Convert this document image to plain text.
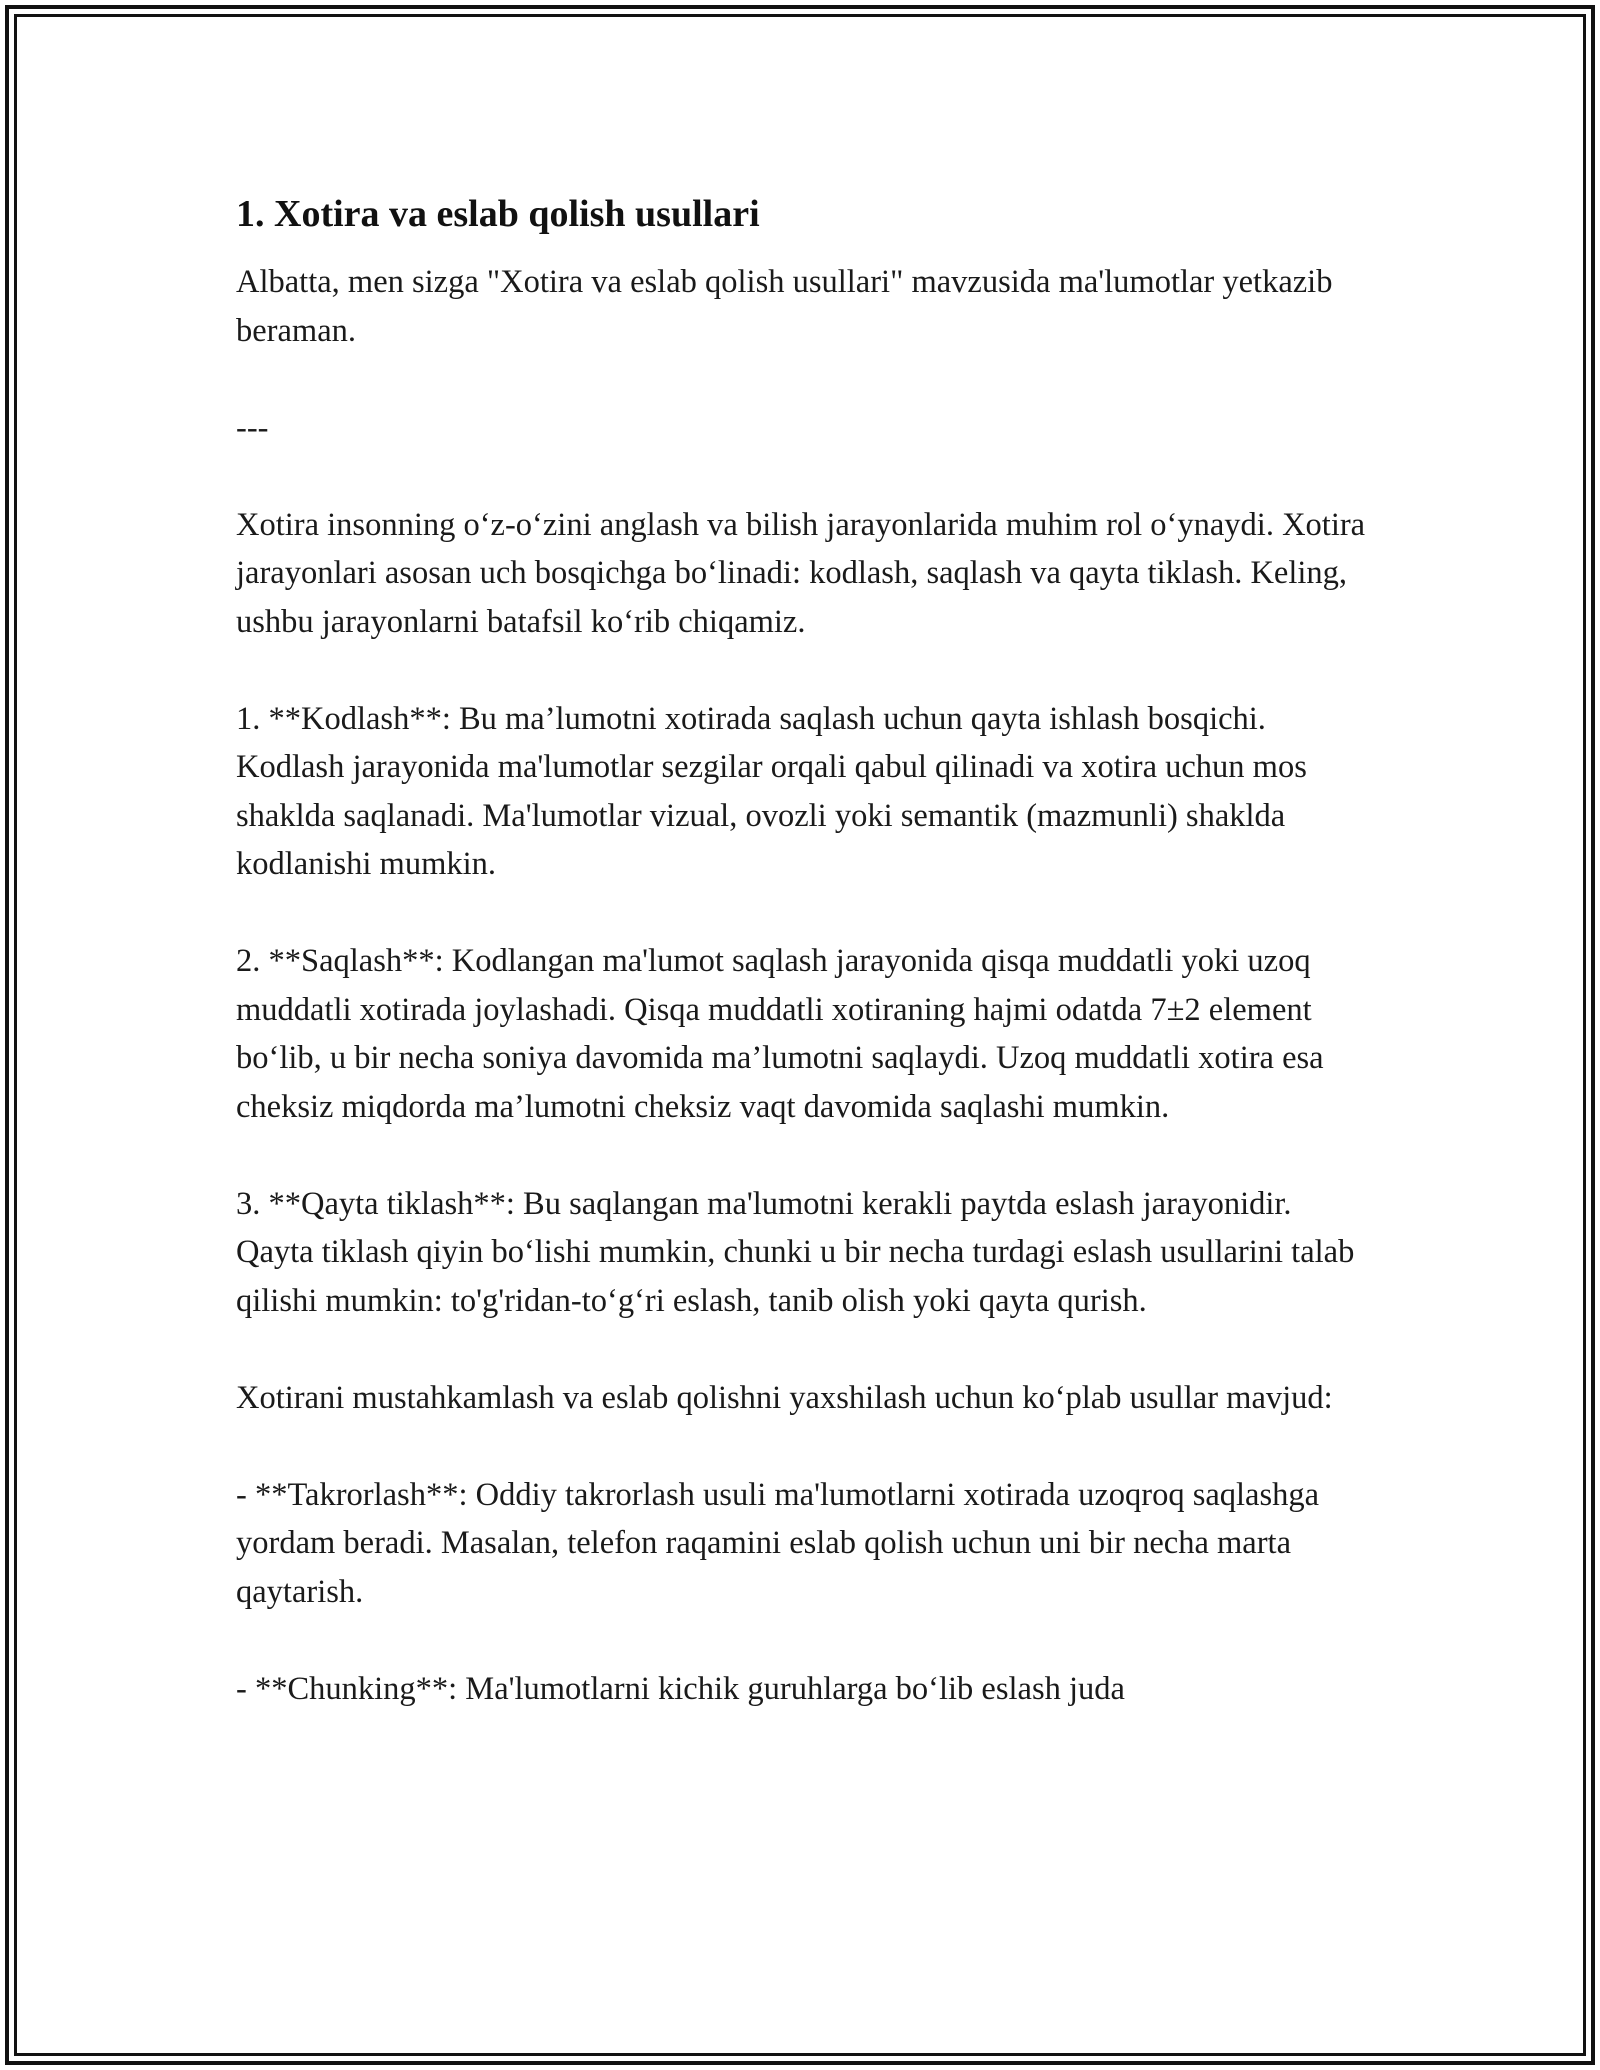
1. Xotira va eslab qolish usullari

Albatta, men sizga "Xotira va eslab qolish usullari" mavzusida ma'lumotlar yetkazib beraman.

---

Xotira insonning o‘z-o‘zini anglash va bilish jarayonlarida muhim rol o‘ynaydi. Xotira jarayonlari asosan uch bosqichga bo‘linadi: kodlash, saqlash va qayta tiklash. Keling, ushbu jarayonlarni batafsil ko‘rib chiqamiz.

1. **Kodlash**: Bu ma’lumotni xotirada saqlash uchun qayta ishlash bosqichi. Kodlash jarayonida ma'lumotlar sezgilar orqali qabul qilinadi va xotira uchun mos shaklda saqlanadi. Ma'lumotlar vizual, ovozli yoki semantik (mazmunli) shaklda kodlanishi mumkin.

2. **Saqlash**: Kodlangan ma'lumot saqlash jarayonida qisqa muddatli yoki uzoq muddatli xotirada joylashadi. Qisqa muddatli xotiraning hajmi odatda 7±2 element bo‘lib, u bir necha soniya davomida ma’lumotni saqlaydi. Uzoq muddatli xotira esa cheksiz miqdorda ma’lumotni cheksiz vaqt davomida saqlashi mumkin.

3. **Qayta tiklash**: Bu saqlangan ma'lumotni kerakli paytda eslash jarayonidir. Qayta tiklash qiyin bo‘lishi mumkin, chunki u bir necha turdagi eslash usullarini talab qilishi mumkin: to'g'ridan-to‘g‘ri eslash, tanib olish yoki qayta qurish.

Xotirani mustahkamlash va eslab qolishni yaxshilash uchun ko‘plab usullar mavjud:

- **Takrorlash**: Oddiy takrorlash usuli ma'lumotlarni xotirada uzoqroq saqlashga yordam beradi. Masalan, telefon raqamini eslab qolish uchun uni bir necha marta qaytarish.

- **Chunking**: Ma'lumotlarni kichik guruhlarga bo‘lib eslash juda
